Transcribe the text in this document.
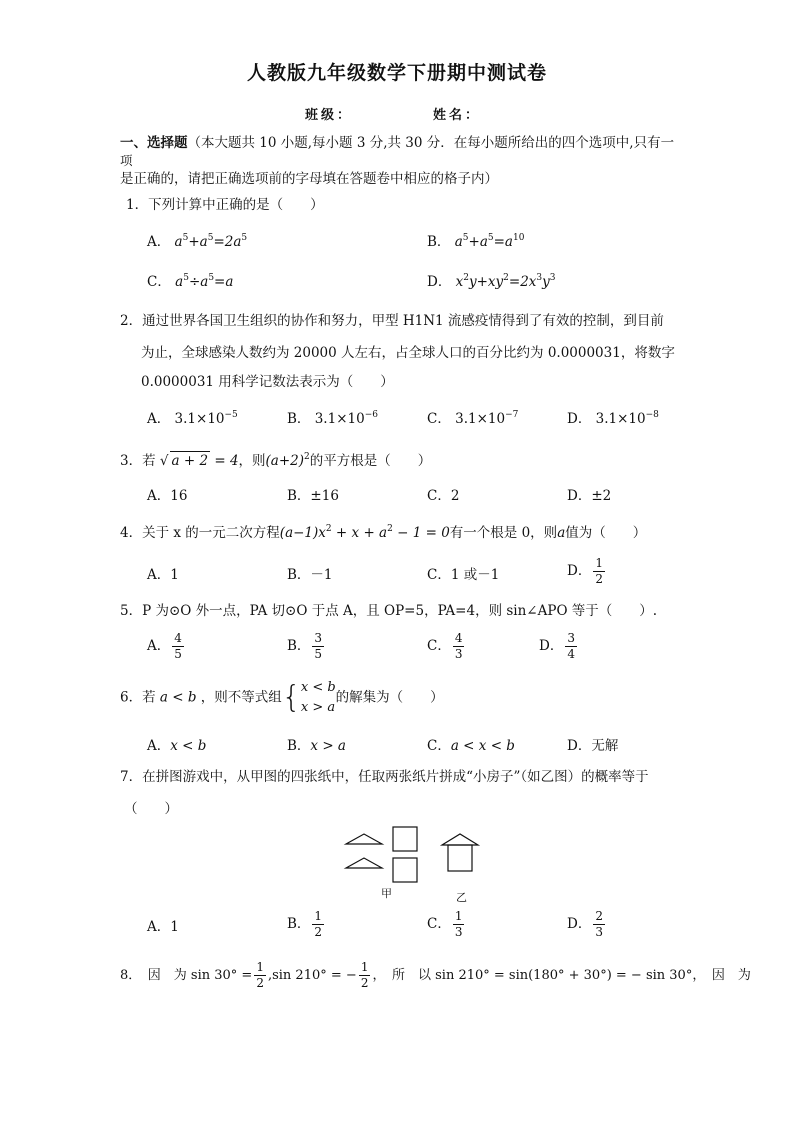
人教版九年级数学下册期中测试卷
班级：	姓名：
一、选择题（本大题共 10 小题,每小题 3 分,共 30 分．在每小题所给出的四个选项中,只有一
项
是正确的，请把正确选项前的字母填在答题卷中相应的格子内）
1．下列计算中正确的是（　　）
A． $a^5+a^5=2a^5$	B． $a^5+a^5=a^{10}$
C． $a^5\div a^5=a$	D． $x^2y+xy^2=2x^3y^3$
2．通过世界各国卫生组织的协作和努力，甲型 H1N1 流感疫情得到了有效的控制，到目前
为止，全球感染人数约为 20000 人左右，占全球人口的百分比约为 0.0000031，将数字
0.0000031 用科学记数法表示为（　　）
A． $3.1\times 10^{-5}$	B． $3.1\times 10^{-6}$	C． $3.1\times 10^{-7}$	D． $3.1\times 10^{-8}$
3．若 √ a + 2 = 4，则$(a+2)^2$的平方根是（　　）
A．16	B．±16	C．2	D．±2
4．关于 x 的一元二次方程$(a-1)x^2 + x + a^2 - 1 = 0$有一个根是 0，则a值为（　　）
A．1	B．－1	C．1 或－1	D． $\frac{1}{2}$
5．P 为⊙O 外一点，PA 切⊙O 于点 A，且 OP=5，PA=4，则 sin∠APO 等于（　　）.
A． $\frac{4}{5}$	B． $\frac{3}{5}$	C． $\frac{4}{3}$	D． $\frac{3}{4}$
6．若 a < b ，则不等式组{ x < b
x > a
的解集为（　　）
A．x < b	B．x > a	C．a < x < b	D．无解
7．在拼图游戏中，从甲图的四张纸中，任取两张纸片拼成“小房子”（如乙图）的概率等于
（　　）
甲	乙
A．1	B． $\frac{1}{2}$	C． $\frac{1}{3}$	D． $\frac{2}{3}$
8．　因　为 $\sin 30^\circ = \frac{1}{2} ,\sin$ 210° = − $\frac{1}{2}$ ，　所　以 sin 210° = sin(180° + 30°) = − sin 30°，　因　为
